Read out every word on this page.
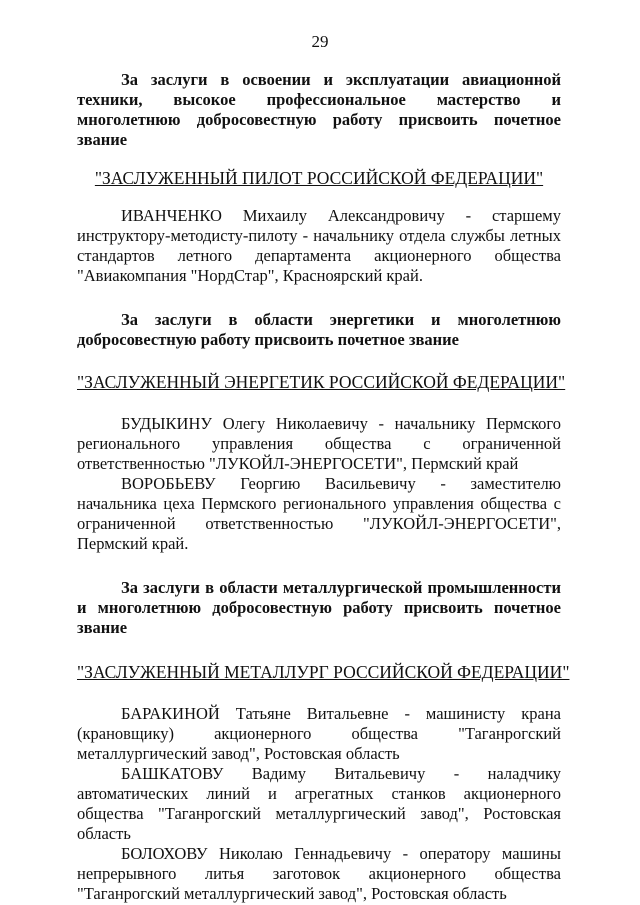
29

За заслуги в освоении и эксплуатации авиационной техники, высокое профессиональное мастерство и многолетнюю добросовестную работу присвоить почетное звание

"ЗАСЛУЖЕННЫЙ ПИЛОТ РОССИЙСКОЙ ФЕДЕРАЦИИ"

ИВАНЧЕНКО Михаилу Александровичу - старшему инструктору-методисту-пилоту - начальнику отдела службы летных стандартов летного департамента акционерного общества "Авиакомпания "НордСтар", Красноярский край.

За заслуги в области энергетики и многолетнюю добросовестную работу присвоить почетное звание

"ЗАСЛУЖЕННЫЙ ЭНЕРГЕТИК РОССИЙСКОЙ ФЕДЕРАЦИИ"

БУДЫКИНУ Олегу Николаевичу - начальнику Пермского регионального управления общества с ограниченной ответственностью "ЛУКОЙЛ-ЭНЕРГОСЕТИ", Пермский край

ВОРОБЬЕВУ Георгию Васильевичу - заместителю начальника цеха Пермского регионального управления общества с ограниченной ответственностью "ЛУКОЙЛ-ЭНЕРГОСЕТИ", Пермский край.

За заслуги в области металлургической промышленности и многолетнюю добросовестную работу присвоить почетное звание

"ЗАСЛУЖЕННЫЙ МЕТАЛЛУРГ РОССИЙСКОЙ ФЕДЕРАЦИИ"

БАРАКИНОЙ Татьяне Витальевне - машинисту крана (крановщику) акционерного общества "Таганрогский металлургический завод", Ростовская область

БАШКАТОВУ Вадиму Витальевичу - наладчику автоматических линий и агрегатных станков акционерного общества "Таганрогский металлургический завод", Ростовская область

БОЛОХОВУ Николаю Геннадьевичу - оператору машины непрерывного литья заготовок акционерного общества "Таганрогский металлургический завод", Ростовская область
